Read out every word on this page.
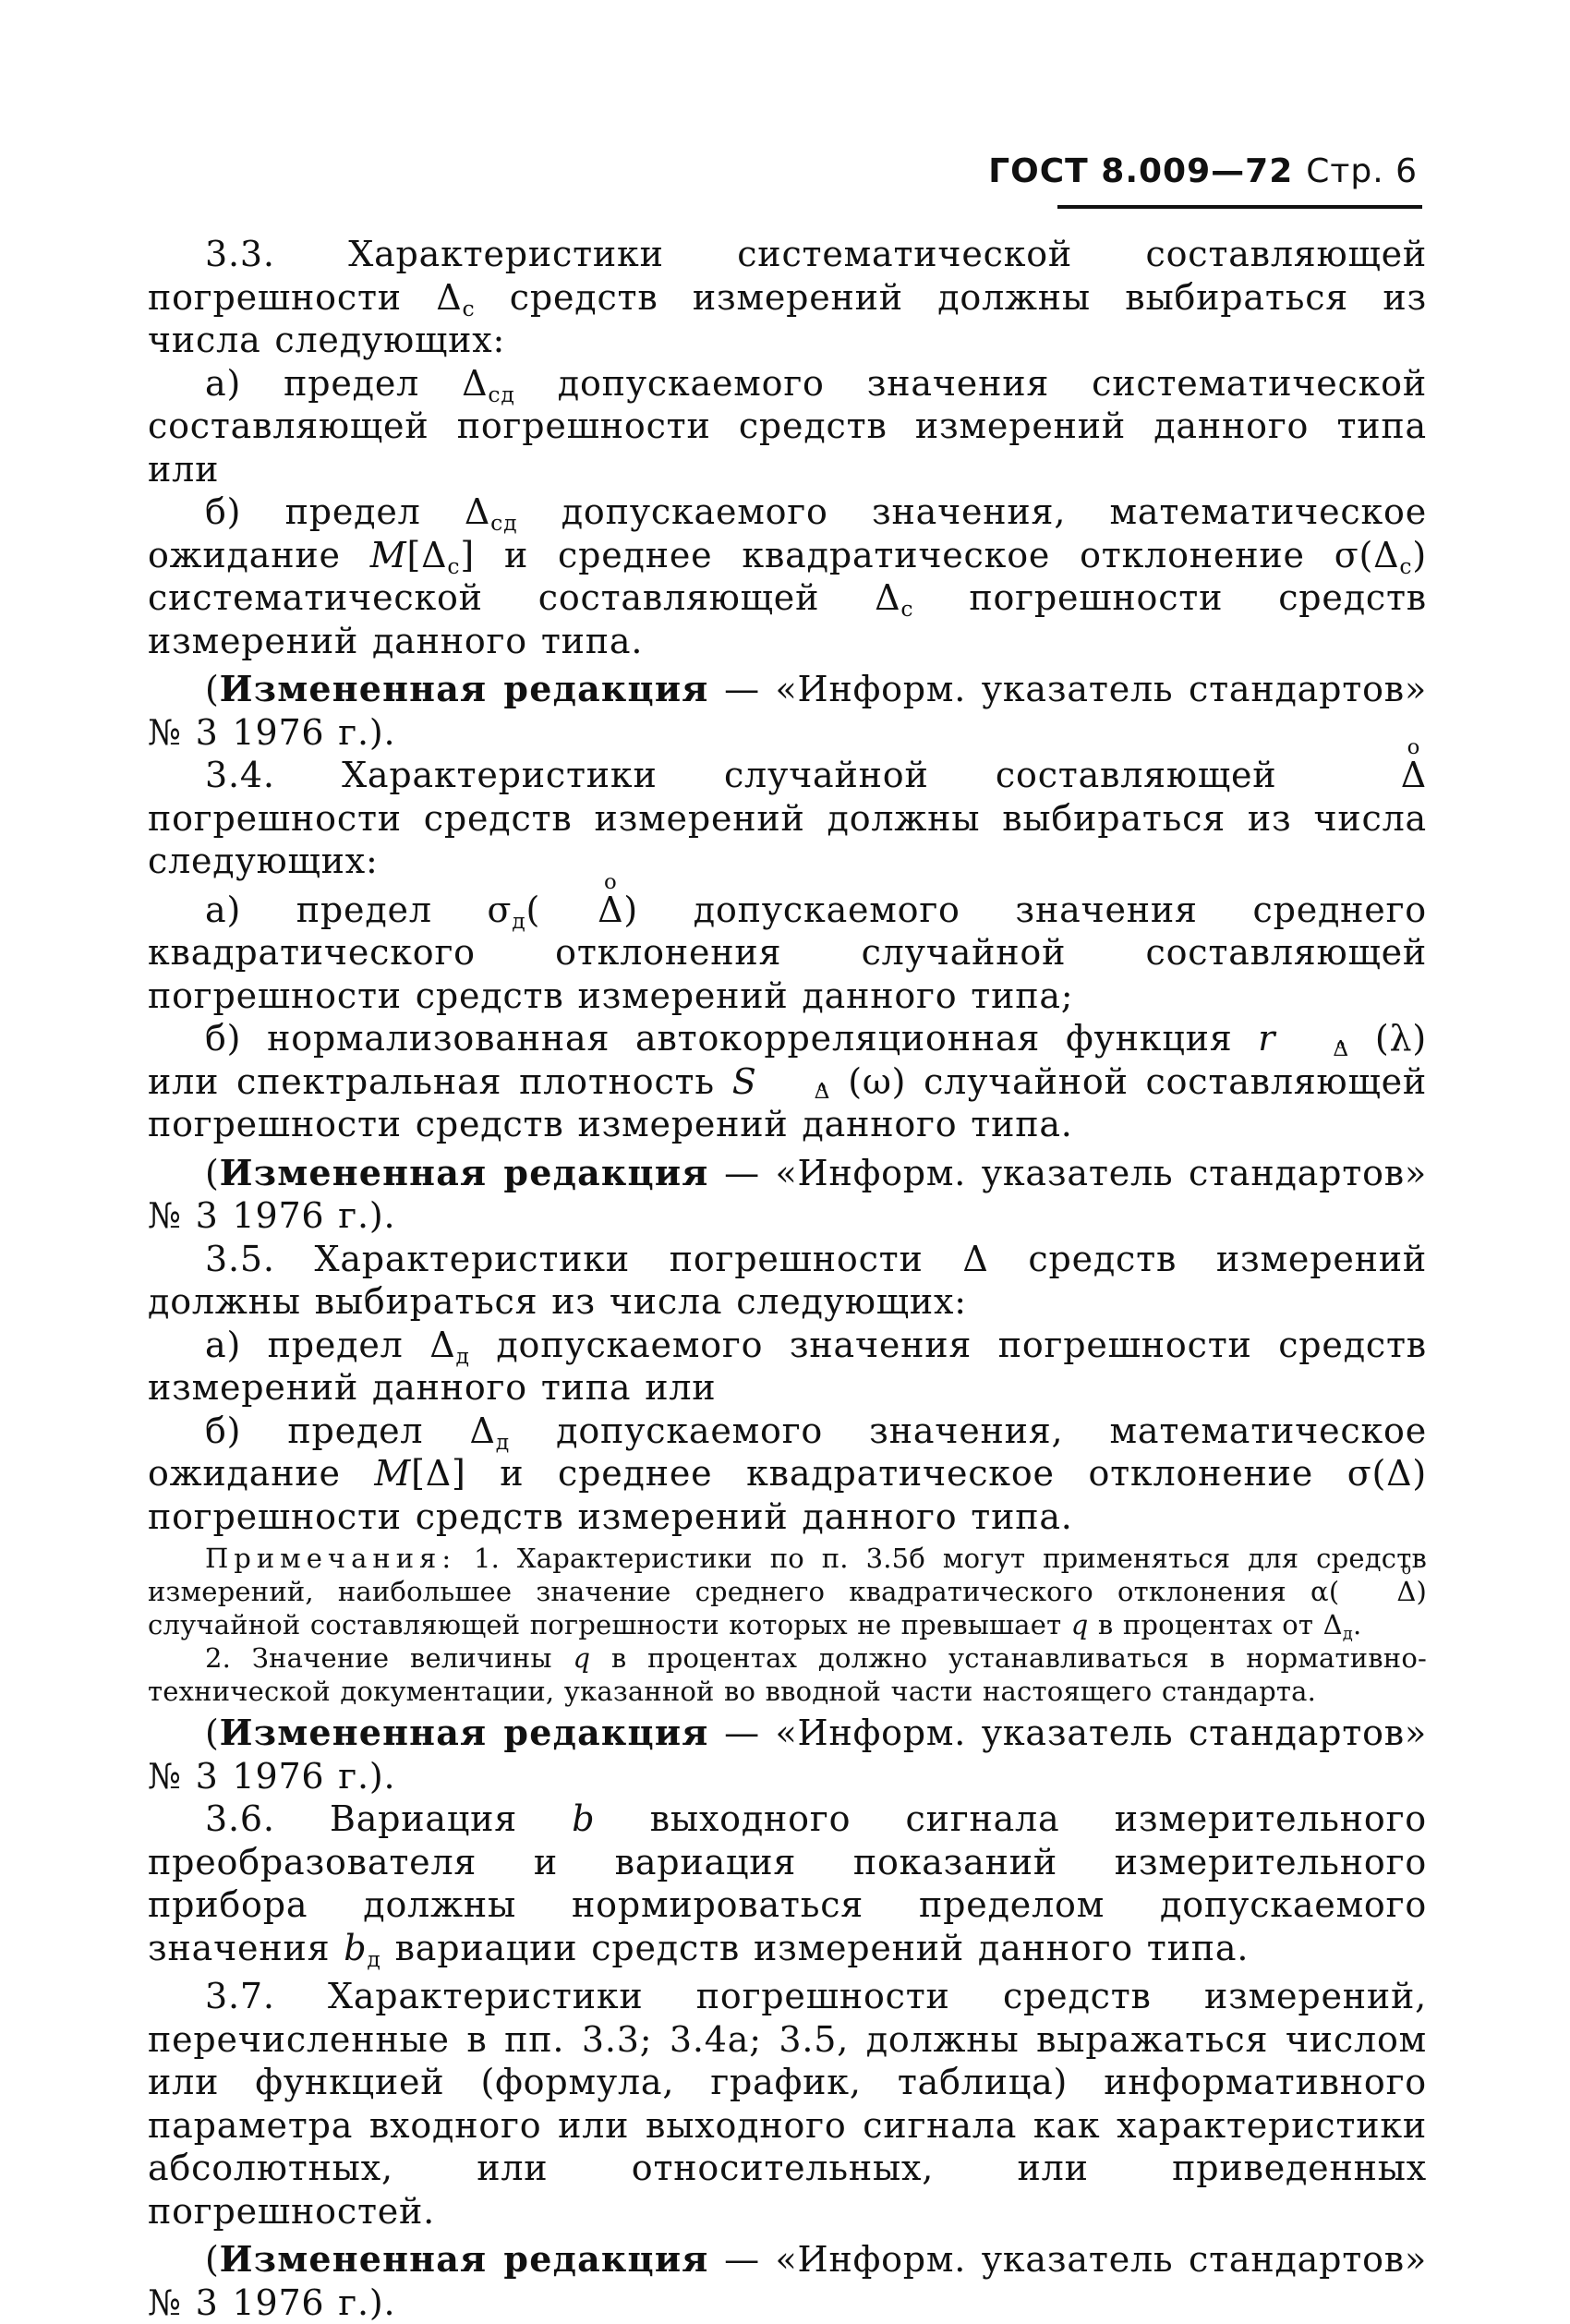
ГОСТ 8.009—72 Стр. 6

3.3. Характеристики систематической составляющей погрешности $\Delta_с$ средств измерений должны выбираться из числа следующих:

а) предел $\Delta_{сд}$ допускаемого значения систематической составляющей погрешности средств измерений данного типа или

б) предел $\Delta_{сд}$ допускаемого значения, математическое ожидание $M[\Delta_с]$ и среднее квадратическое отклонение $\sigma(\Delta_с)$ систематической составляющей $\Delta_с$ погрешности средств измерений данного типа.

(Измененная редакция — «Информ. указатель стандартов» № 3 1976 г.).

3.4. Характеристики случайной составляющей o Δ погрешности средств измерений должны выбираться из числа следующих:

а) предел $\sigma_д(o$ Δ) допускаемого значения среднего квадратического отклонения случайной составляющей погрешности средств измерений данного типа;

б) нормализованная автокорреляционная функция r	Δ (λ) или спектральная плотность S	Δ (ω) случайной составляющей погрешности средств измерений данного типа.

(Измененная редакция — «Информ. указатель стандартов» № 3 1976 г.).

3.5. Характеристики погрешности Δ средств измерений должны выбираться из числа следующих:

а) предел $\Delta_д$ допускаемого значения погрешности средств измерений данного типа или

б) предел $\Delta_д$ допускаемого значения, математическое ожидание M[Δ] и среднее квадратическое отклонение σ(Δ) погрешности средств измерений данного типа.

Примечания: 1. Характеристики по п. 3.5б могут применяться для средств измерений, наибольшее значение среднего квадратического отклонения α(o Δ) случайной составляющей погрешности которых не превышает q в процентах от $\Delta_д$.

2. Значение величины q в процентах должно устанавливаться в нормативно-технической документации, указанной во вводной части настоящего стандарта.

(Измененная редакция — «Информ. указатель стандартов» № 3 1976 г.).

3.6. Вариация b выходного сигнала измерительного преобразователя и вариация показаний измерительного прибора должны нормироваться пределом допускаемого значения $b_д$ вариации средств измерений данного типа.

3.7. Характеристики погрешности средств измерений, перечисленные в пп. 3.3; 3.4а; 3.5, должны выражаться числом или функцией (формула, график, таблица) информативного параметра входного или выходного сигнала как характеристики абсолютных, или относительных, или приведенных погрешностей.

(Измененная редакция — «Информ. указатель стандартов» № 3 1976 г.).
